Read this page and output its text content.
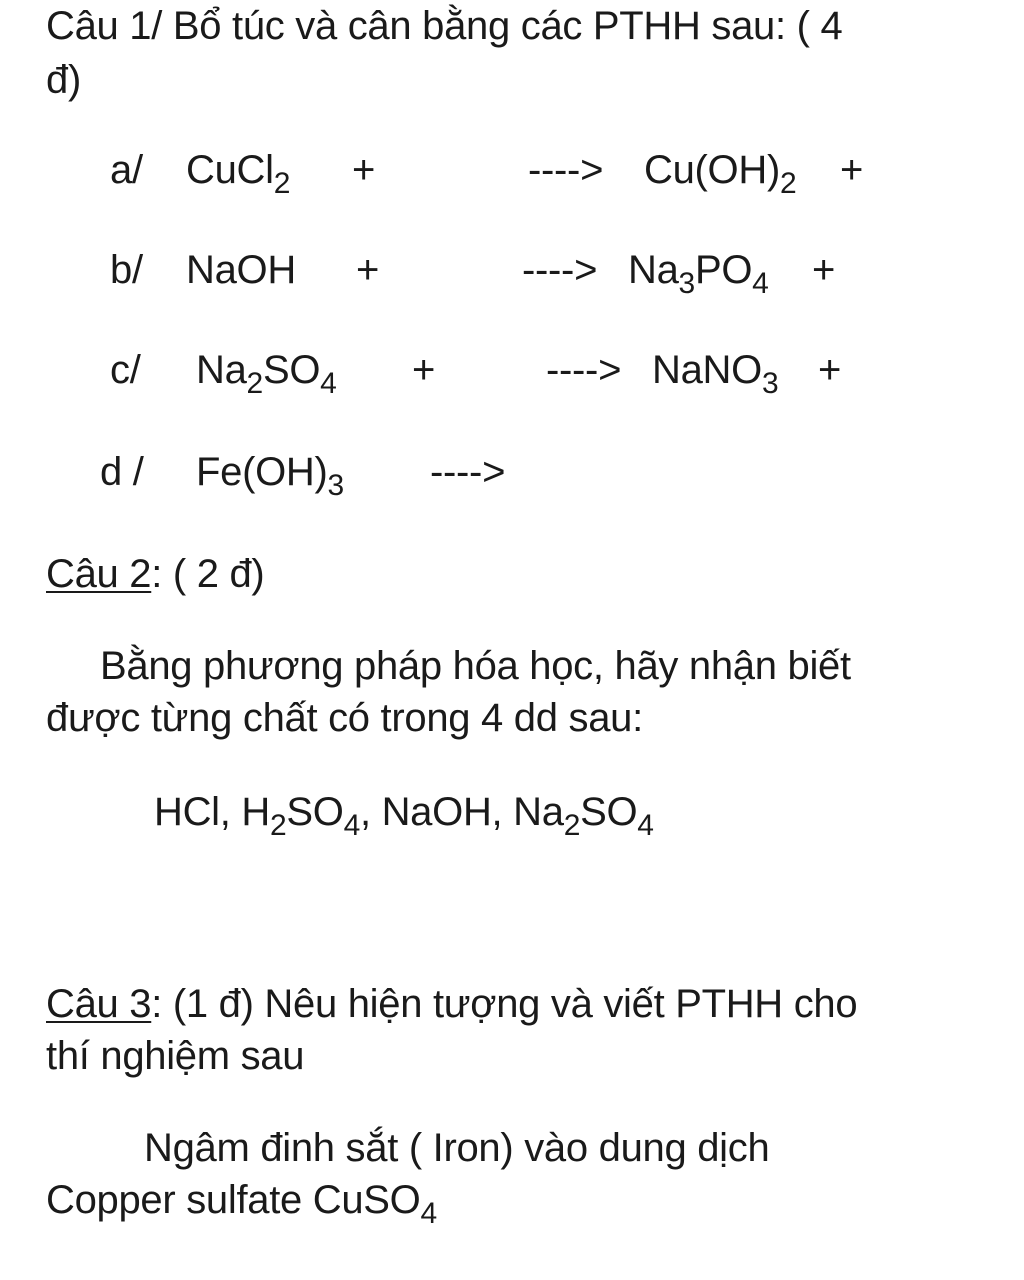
Câu 1/ Bổ túc và cân bằng các PTHH sau: ( 4
đ)
a/ CuCl$_2$ +	----> $Cu(OH)_2$ +
b/ NaOH +	----> $Na_3PO_4$ +
c/ $Na_2SO_4$ +	----> NaNO$_3$ +
d / $Fe(OH)_3$ ---->
Câu 2: ( 2 đ)
Bằng phương pháp hóa học, hãy nhận biết
được từng chất có trong 4 dd sau:
HCl, $H_2SO_4$, NaOH, $Na_2SO_4$
Câu 3: (1 đ) Nêu hiện tượng và viết PTHH cho
thí nghiệm sau
Ngâm đinh sắt ( Iron) vào dung dịch
Copper sulfate CuSO$_4$
